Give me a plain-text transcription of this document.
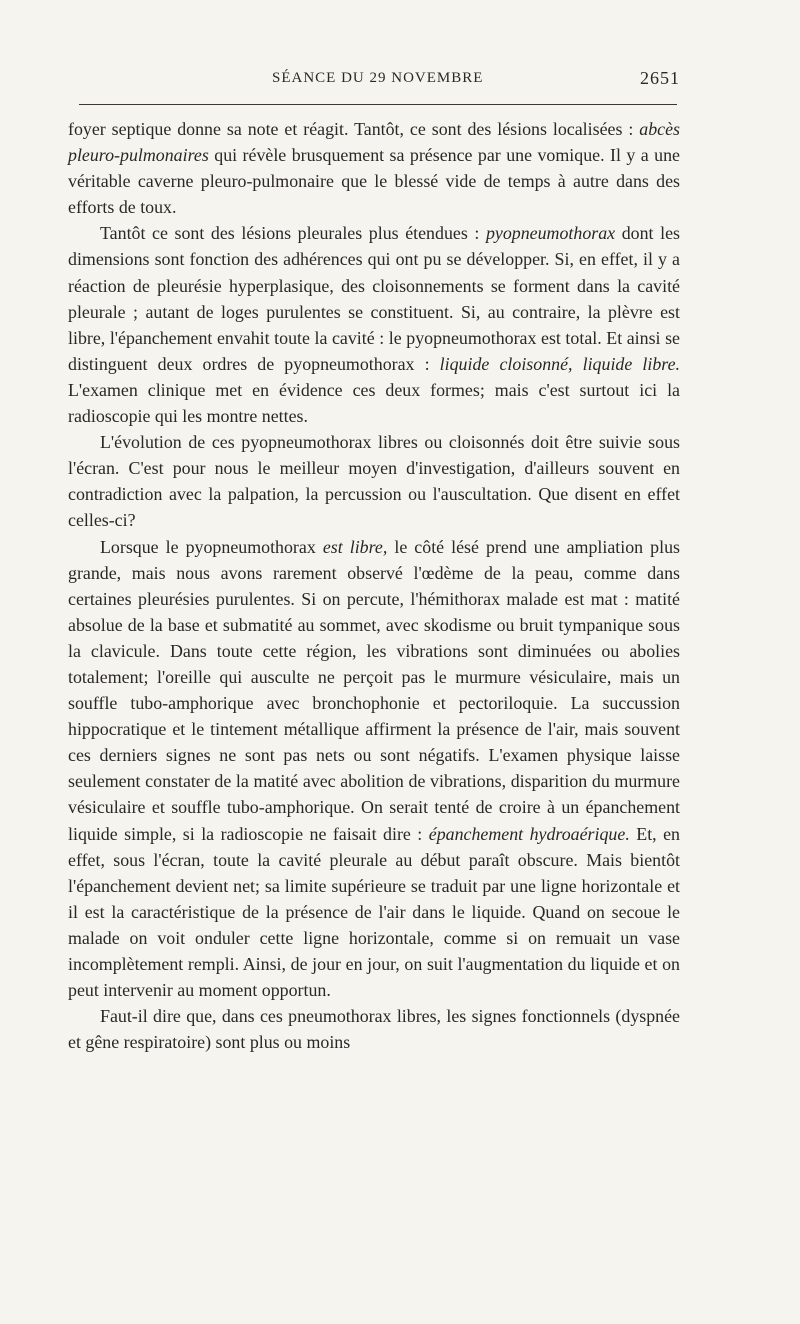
SÉANCE DU 29 NOVEMBRE	2651

foyer septique donne sa note et réagit. Tantôt, ce sont des lésions localisées : abcès pleuro-pulmonaires qui révèle brusquement sa présence par une vomique. Il y a une véritable caverne pleuro-pulmonaire que le blessé vide de temps à autre dans des efforts de toux.

Tantôt ce sont des lésions pleurales plus étendues : pyopneumothorax dont les dimensions sont fonction des adhérences qui ont pu se développer. Si, en effet, il y a réaction de pleurésie hyperplasique, des cloisonnements se forment dans la cavité pleurale ; autant de loges purulentes se constituent. Si, au contraire, la plèvre est libre, l'épanchement envahit toute la cavité : le pyopneumothorax est total. Et ainsi se distinguent deux ordres de pyopneumothorax : liquide cloisonné, liquide libre. L'examen clinique met en évidence ces deux formes; mais c'est surtout ici la radioscopie qui les montre nettes.

L'évolution de ces pyopneumothorax libres ou cloisonnés doit être suivie sous l'écran. C'est pour nous le meilleur moyen d'investigation, d'ailleurs souvent en contradiction avec la palpation, la percussion ou l'auscultation. Que disent en effet celles-ci?

Lorsque le pyopneumothorax est libre, le côté lésé prend une ampliation plus grande, mais nous avons rarement observé l'œdème de la peau, comme dans certaines pleurésies purulentes. Si on percute, l'hémithorax malade est mat : matité absolue de la base et submatité au sommet, avec skodisme ou bruit tympanique sous la clavicule. Dans toute cette région, les vibrations sont diminuées ou abolies totalement; l'oreille qui ausculte ne perçoit pas le murmure vésiculaire, mais un souffle tubo-amphorique avec bronchophonie et pectoriloquie. La succussion hippocratique et le tintement métallique affirment la présence de l'air, mais souvent ces derniers signes ne sont pas nets ou sont négatifs. L'examen physique laisse seulement constater de la matité avec abolition de vibrations, disparition du murmure vésiculaire et souffle tubo-amphorique. On serait tenté de croire à un épanchement liquide simple, si la radioscopie ne faisait dire : épanchement hydroaérique. Et, en effet, sous l'écran, toute la cavité pleurale au début paraît obscure. Mais bientôt l'épanchement devient net; sa limite supérieure se traduit par une ligne horizontale et il est la caractéristique de la présence de l'air dans le liquide. Quand on secoue le malade on voit onduler cette ligne horizontale, comme si on remuait un vase incomplètement rempli. Ainsi, de jour en jour, on suit l'augmentation du liquide et on peut intervenir au moment opportun.

Faut-il dire que, dans ces pneumothorax libres, les signes fonctionnels (dyspnée et gêne respiratoire) sont plus ou moins
